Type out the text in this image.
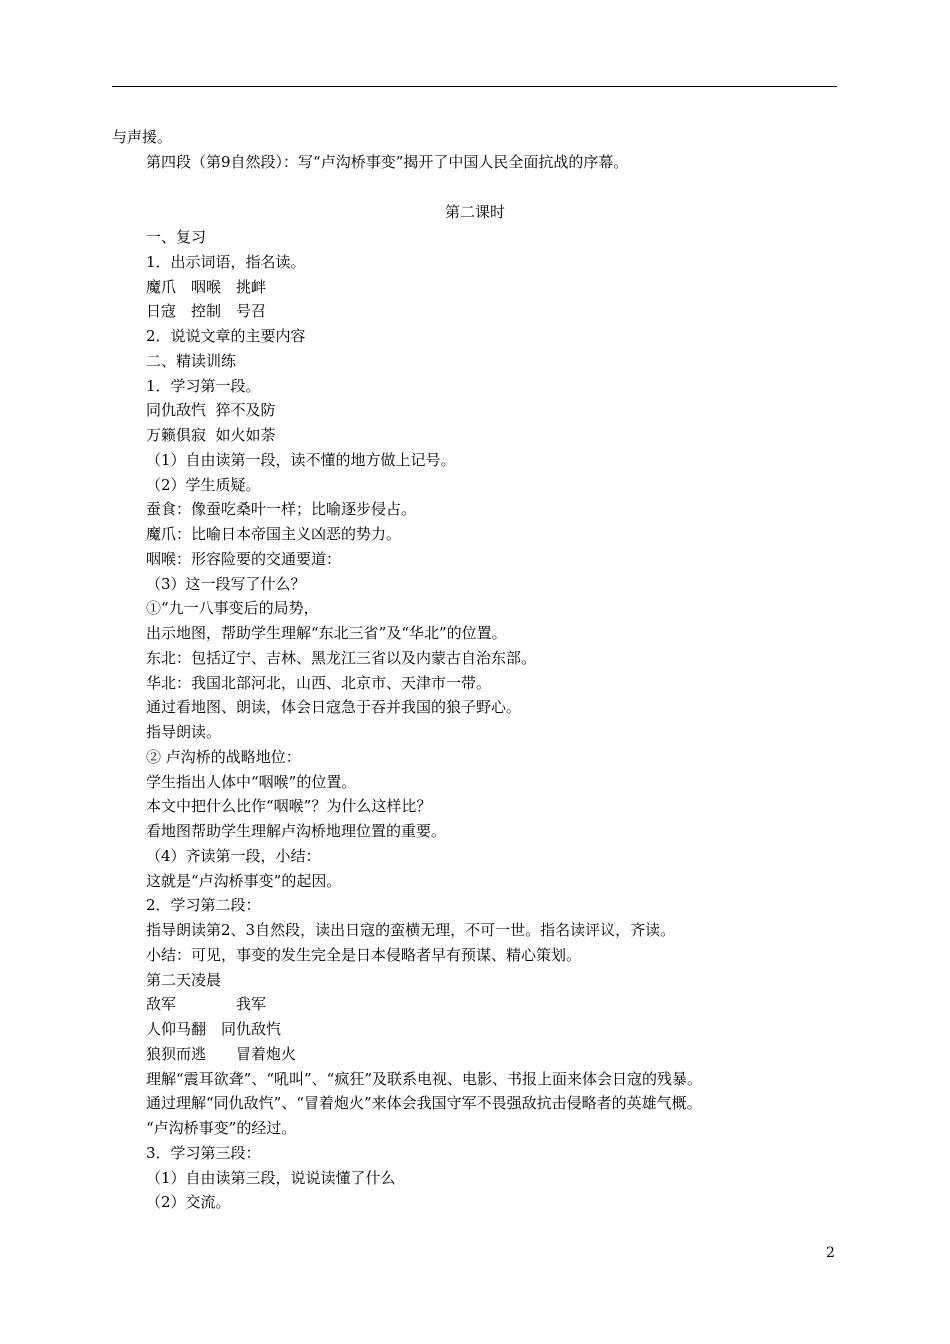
与声援。
第四段（第9自然段）：写“卢沟桥事变”揭开了中国人民全面抗战的序幕。
第二课时
一、复习
1．出示词语，指名读。
魔爪　咽喉　挑衅
日寇　控制　号召
2．说说文章的主要内容
二、精读训练
1．学习第一段。
同仇敌忾  猝不及防
万籁俱寂  如火如荼
（1）自由读第一段，读不懂的地方做上记号。
（2）学生质疑。
蚕食：像蚕吃桑叶一样；比喻逐步侵占。
魔爪：比喻日本帝国主义凶恶的势力。
咽喉：形容险要的交通要道：
（3）这一段写了什么？
①“九一八事变后的局势，
出示地图，帮助学生理解“东北三省”及“华北”的位置。
东北：包括辽宁、吉林、黑龙江三省以及内蒙古自治东部。
华北：我国北部河北，山西、北京市、天津市一带。
通过看地图、朗读，体会日寇急于吞并我国的狼子野心。
指导朗读。
② 卢沟桥的战略地位：
学生指出人体中“咽喉”的位置。
本文中把什么比作“咽喉”？为什么这样比？
看地图帮助学生理解卢沟桥地理位置的重要。
（4）齐读第一段，小结：
这就是“卢沟桥事变”的起因。
2．学习第二段：
指导朗读第2、3自然段，读出日寇的蛮横无理，不可一世。指名读评议，齐读。
小结：可见，事变的发生完全是日本侵略者早有预谋、精心策划。
第二天凌晨
敌军　　　　我军
人仰马翻　同仇敌忾
狼狈而逃　　冒着炮火
理解“震耳欲聋”、“吼叫”、“疯狂”及联系电视、电影、书报上面来体会日寇的残暴。
通过理解“同仇敌忾”、“冒着炮火”来体会我国守军不畏强敌抗击侵略者的英雄气概。
“卢沟桥事变”的经过。
3．学习第三段：
（1）自由读第三段，说说读懂了什么
（2）交流。
2
